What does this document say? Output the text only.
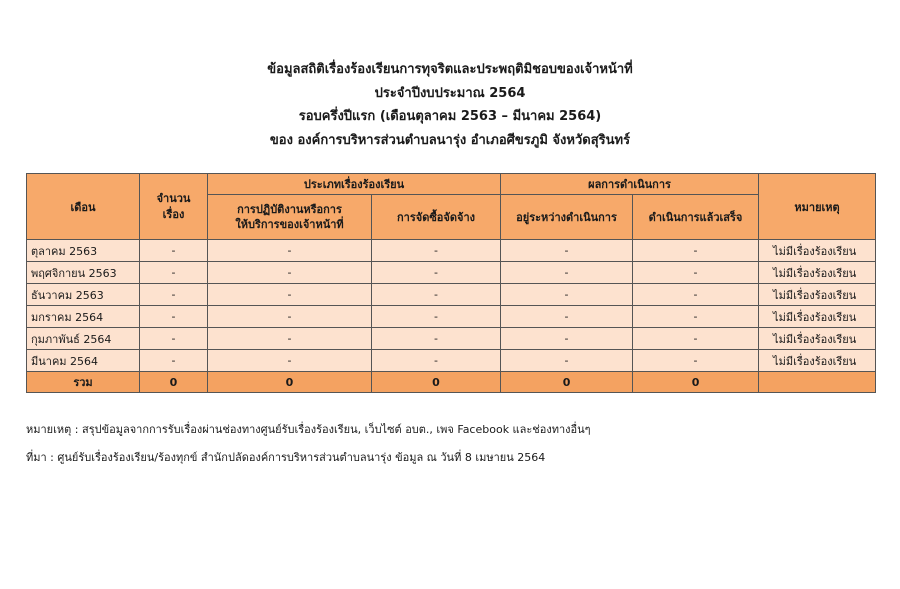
ข้อมูลสถิติเรื่องร้องเรียนการทุจริตและประพฤติมิชอบของเจ้าหน้าที่
ประจำปีงบประมาณ 2564
รอบครึ่งปีแรก (เดือนตุลาคม 2563 – มีนาคม 2564)
ของ องค์การบริหารส่วนตำบลนารุ่ง อำเภอศีขรภูมิ จังหวัดสุรินทร์
เดือน	จำนวนเรื่อง	ประเภทเรื่องร้องเรียน		ผลการดำเนินการ		หมายเหตุ
		การปฏิบัติงานหรือการให้บริการของเจ้าหน้าที่	การจัดซื้อจัดจ้าง	อยู่ระหว่างดำเนินการ	ดำเนินการแล้วเสร็จ	
ตุลาคม 2563	-	-	-	-	-	ไม่มีเรื่องร้องเรียน
พฤศจิกายน 2563	-	-	-	-	-	ไม่มีเรื่องร้องเรียน
ธันวาคม 2563	-	-	-	-	-	ไม่มีเรื่องร้องเรียน
มกราคม 2564	-	-	-	-	-	ไม่มีเรื่องร้องเรียน
กุมภาพันธ์ 2564	-	-	-	-	-	ไม่มีเรื่องร้องเรียน
มีนาคม 2564	-	-	-	-	-	ไม่มีเรื่องร้องเรียน
รวม	0	0	0	0	0	
หมายเหตุ : สรุปข้อมูลจากการรับเรื่องผ่านช่องทางศูนย์รับเรื่องร้องเรียน, เว็บไซต์ อบต., เพจ Facebook และช่องทางอื่นๆ
ที่มา : ศูนย์รับเรื่องร้องเรียน/ร้องทุกข์ สำนักปลัดองค์การบริหารส่วนตำบลนารุ่ง ข้อมูล ณ วันที่ 8 เมษายน 2564
